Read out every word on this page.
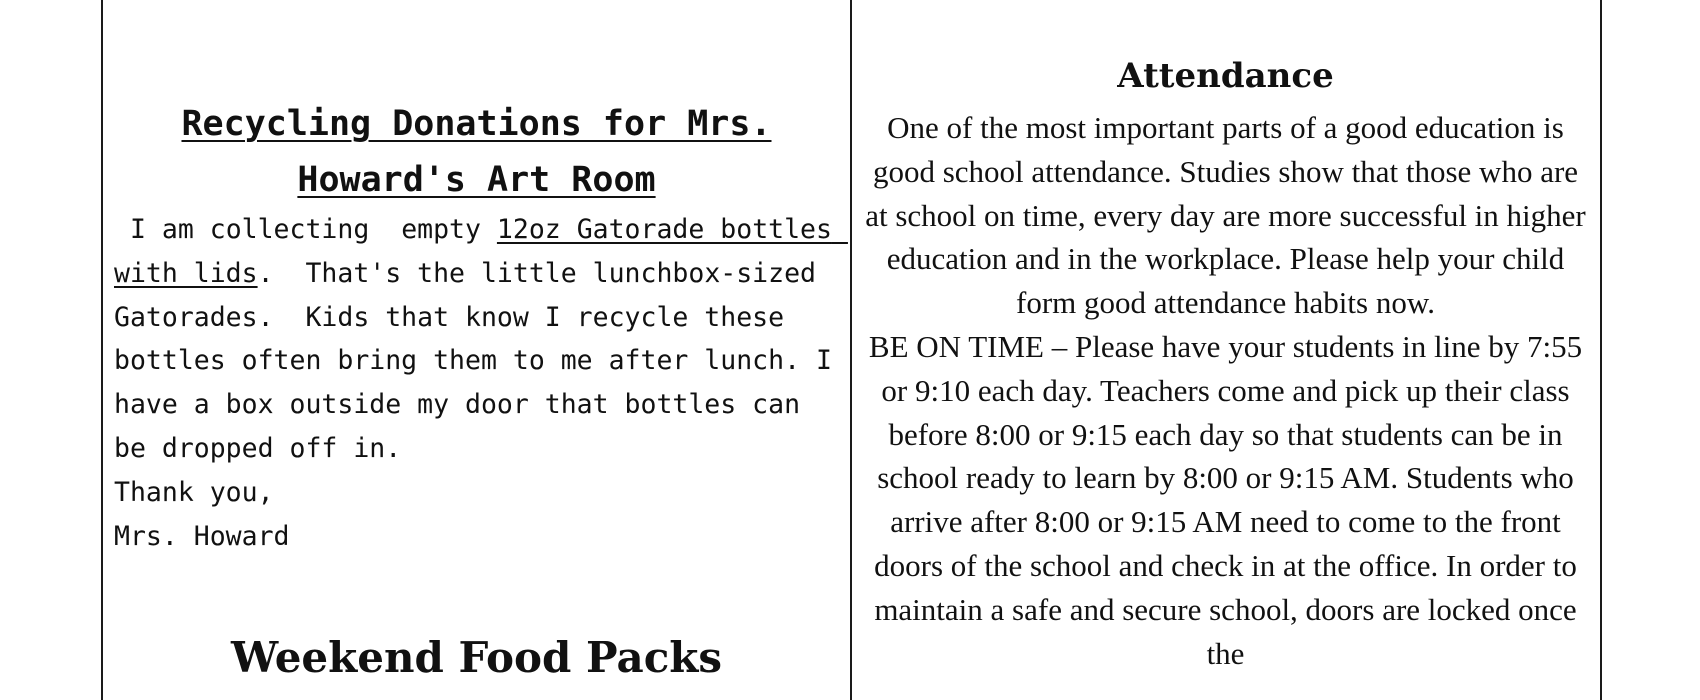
Recycling Donations for Mrs. Howard's Art Room

I am collecting  empty 12oz Gatorade bottles with lids.  That's the little lunchbox-sized Gatorades.  Kids that know I recycle these bottles often bring them to me after lunch. I have a box outside my door that bottles can be dropped off in.

Thank you,
Mrs. Howard
Weekend Food Packs
Attendance

One of the most important parts of a good education is good school attendance. Studies show that those who are at school on time, every day are more successful in higher education and in the workplace. Please help your child form good attendance habits now.

BE ON TIME – Please have your students in line by 7:55 or 9:10 each day. Teachers come and pick up their class before 8:00 or 9:15 each day so that students can be in school ready to learn by 8:00 or 9:15 AM. Students who arrive after 8:00 or 9:15 AM need to come to the front doors of the school and check in at the office. In order to maintain a safe and secure school, doors are locked once the
